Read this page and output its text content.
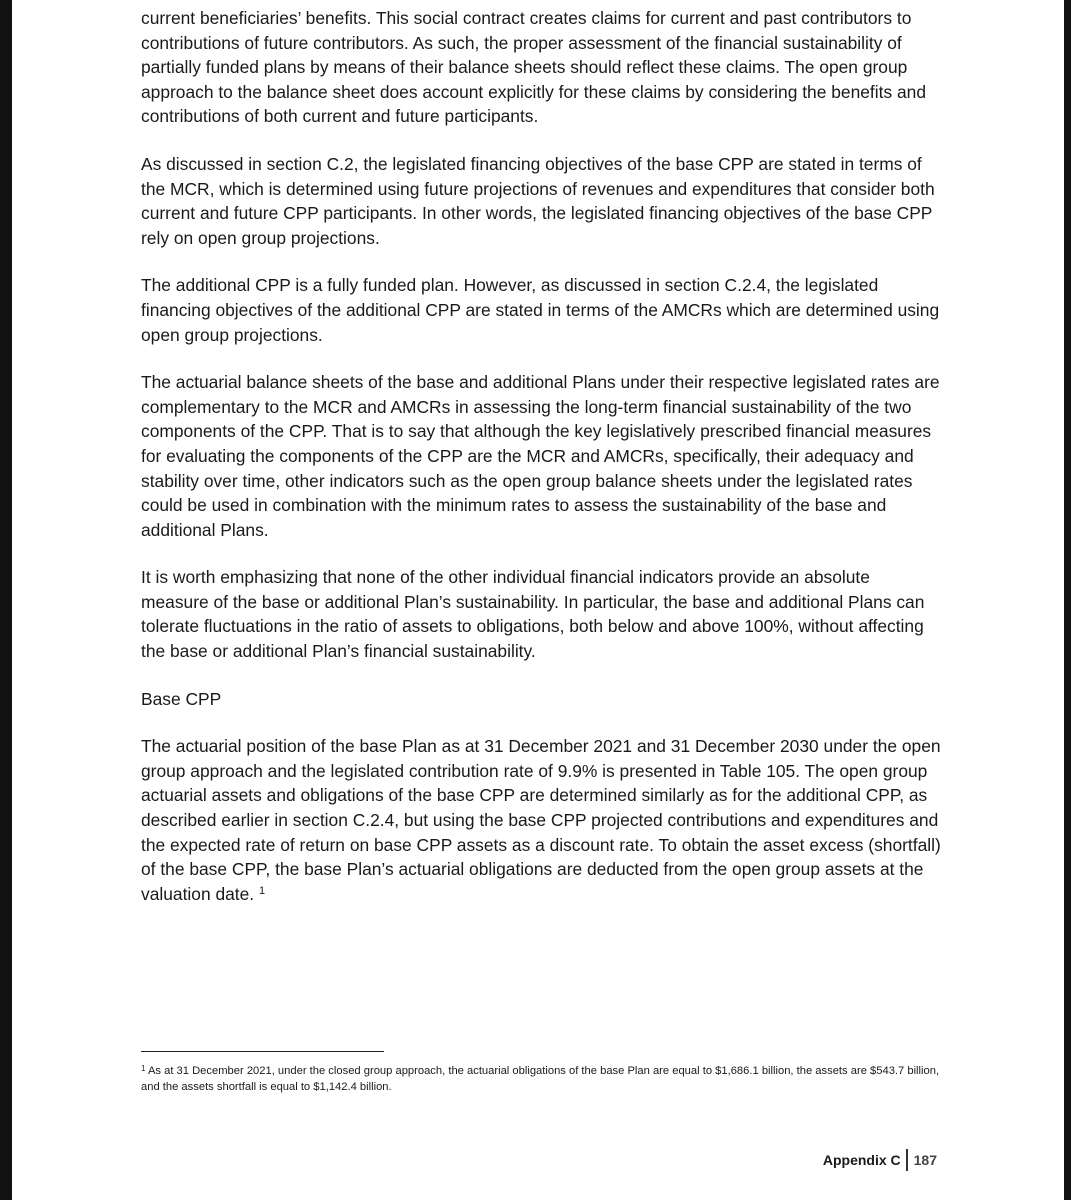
current beneficiaries’ benefits. This social contract creates claims for current and past contributors to contributions of future contributors. As such, the proper assessment of the financial sustainability of partially funded plans by means of their balance sheets should reflect these claims. The open group approach to the balance sheet does account explicitly for these claims by considering the benefits and contributions of both current and future participants.

As discussed in section C.2, the legislated financing objectives of the base CPP are stated in terms of the MCR, which is determined using future projections of revenues and expenditures that consider both current and future CPP participants. In other words, the legislated financing objectives of the base CPP rely on open group projections.

The additional CPP is a fully funded plan. However, as discussed in section C.2.4, the legislated financing objectives of the additional CPP are stated in terms of the AMCRs which are determined using open group projections.

The actuarial balance sheets of the base and additional Plans under their respective legislated rates are complementary to the MCR and AMCRs in assessing the long-term financial sustainability of the two components of the CPP. That is to say that although the key legislatively prescribed financial measures for evaluating the components of the CPP are the MCR and AMCRs, specifically, their adequacy and stability over time, other indicators such as the open group balance sheets under the legislated rates could be used in combination with the minimum rates to assess the sustainability of the base and additional Plans.

It is worth emphasizing that none of the other individual financial indicators provide an absolute measure of the base or additional Plan’s sustainability. In particular, the base and additional Plans can tolerate fluctuations in the ratio of assets to obligations, both below and above 100%, without affecting the base or additional Plan’s financial sustainability.

Base CPP

The actuarial position of the base Plan as at 31 December 2021 and 31 December 2030 under the open group approach and the legislated contribution rate of 9.9% is presented in Table 105. The open group actuarial assets and obligations of the base CPP are determined similarly as for the additional CPP, as described earlier in section C.2.4, but using the base CPP projected contributions and expenditures and the expected rate of return on base CPP assets as a discount rate. To obtain the asset excess (shortfall) of the base CPP, the base Plan’s actuarial obligations are deducted from the open group assets at the valuation date. $^1$

$^1$ As at 31 December 2021, under the closed group approach, the actuarial obligations of the base Plan are equal to $1,686.1 billion, the assets are $543.7 billion, and the assets shortfall is equal to $1,142.4 billion.
Appendix C 187
